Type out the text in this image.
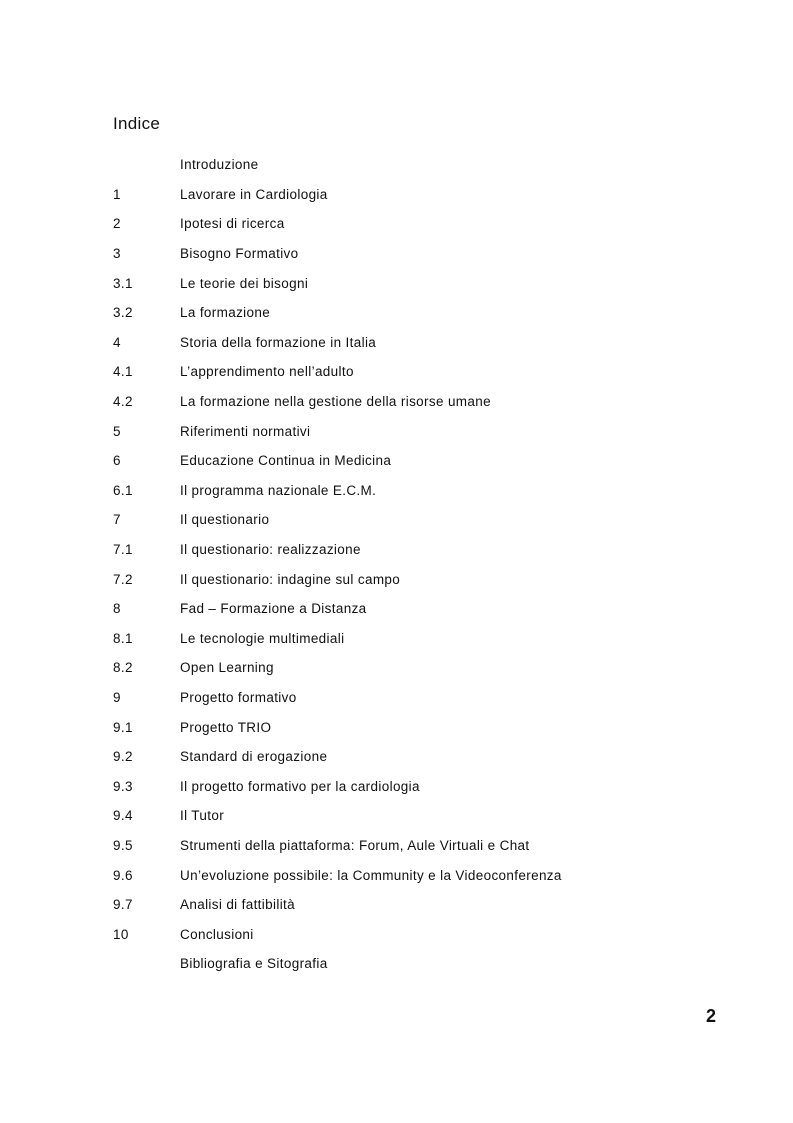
Indice
Introduzione
1	Lavorare in Cardiologia
2	Ipotesi di ricerca
3	Bisogno Formativo
3.1	Le teorie dei bisogni
3.2	La formazione
4	Storia della formazione in Italia
4.1	L’apprendimento nell’adulto
4.2	La formazione nella gestione della risorse umane
5	Riferimenti normativi
6	Educazione Continua in Medicina
6.1	Il programma nazionale E.C.M.
7	Il questionario
7.1	Il questionario: realizzazione
7.2	Il questionario: indagine sul campo
8	Fad – Formazione a Distanza
8.1	Le tecnologie multimediali
8.2	Open Learning
9	Progetto formativo
9.1	Progetto TRIO
9.2	Standard di erogazione
9.3	Il progetto formativo per la cardiologia
9.4	Il Tutor
9.5	Strumenti della piattaforma: Forum, Aule Virtuali e Chat
9.6	Un’evoluzione possibile: la Community e la Videoconferenza
9.7	Analisi di fattibilità
10	Conclusioni
Bibliografia e Sitografia
2
